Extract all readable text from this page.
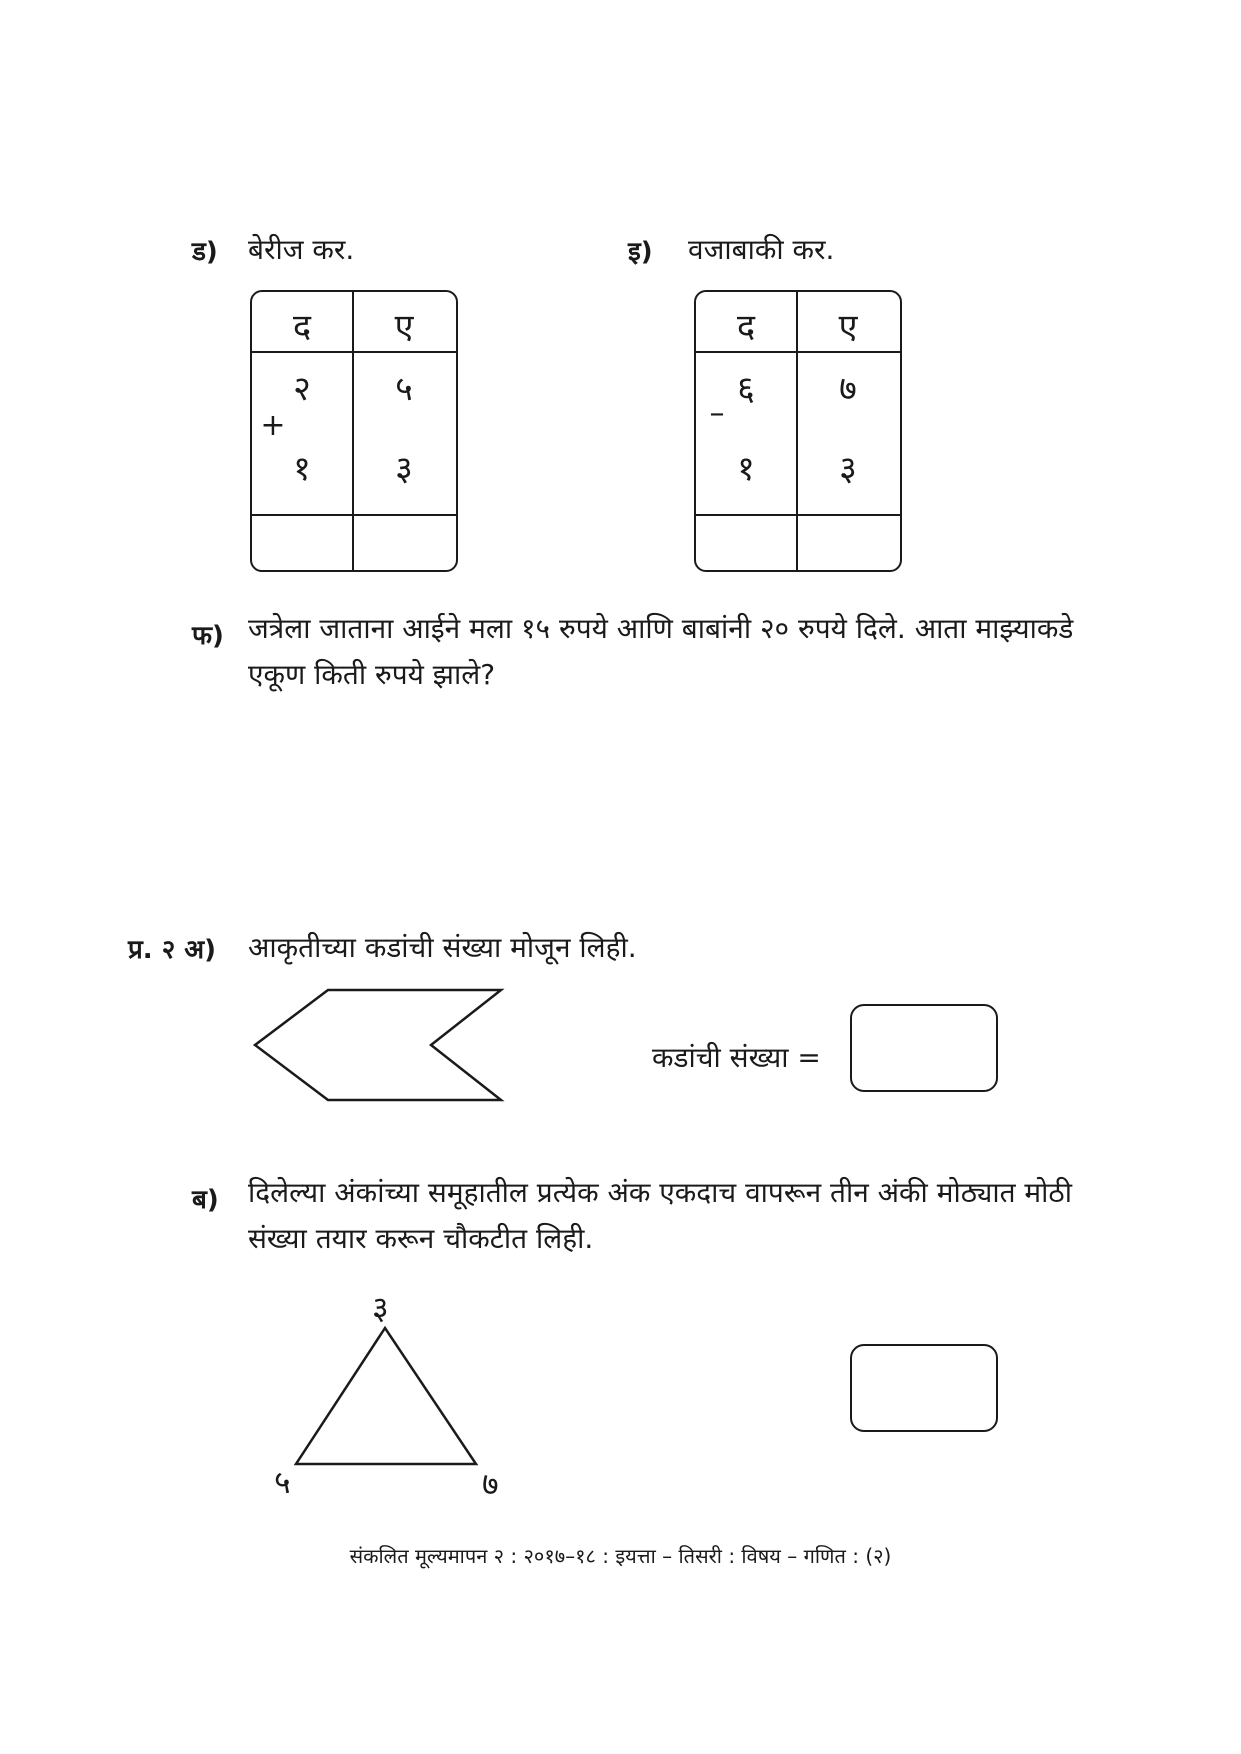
ड) बेरीज कर.
द	ए
२	५
+
१	३
इ) वजाबाकी कर.
द	ए
६	७
–
१	३
फ) जत्रेला जाताना आईने मला १५ रुपये आणि बाबांनी २० रुपये दिले. आता माझ्याकडे
एकूण किती रुपये झाले?
प्र. २ अ) आकृतीच्या कडांची संख्या मोजून लिही.
कडांची संख्या =
ब) दिलेल्या अंकांच्या समूहातील प्रत्येक अंक एकदाच वापरून तीन अंकी मोठ्यात मोठी
संख्या तयार करून चौकटीत लिही.
३
५	७
संकलित मूल्यमापन २ : २०१७–१८ : इयत्ता – तिसरी : विषय – गणित : (२)
